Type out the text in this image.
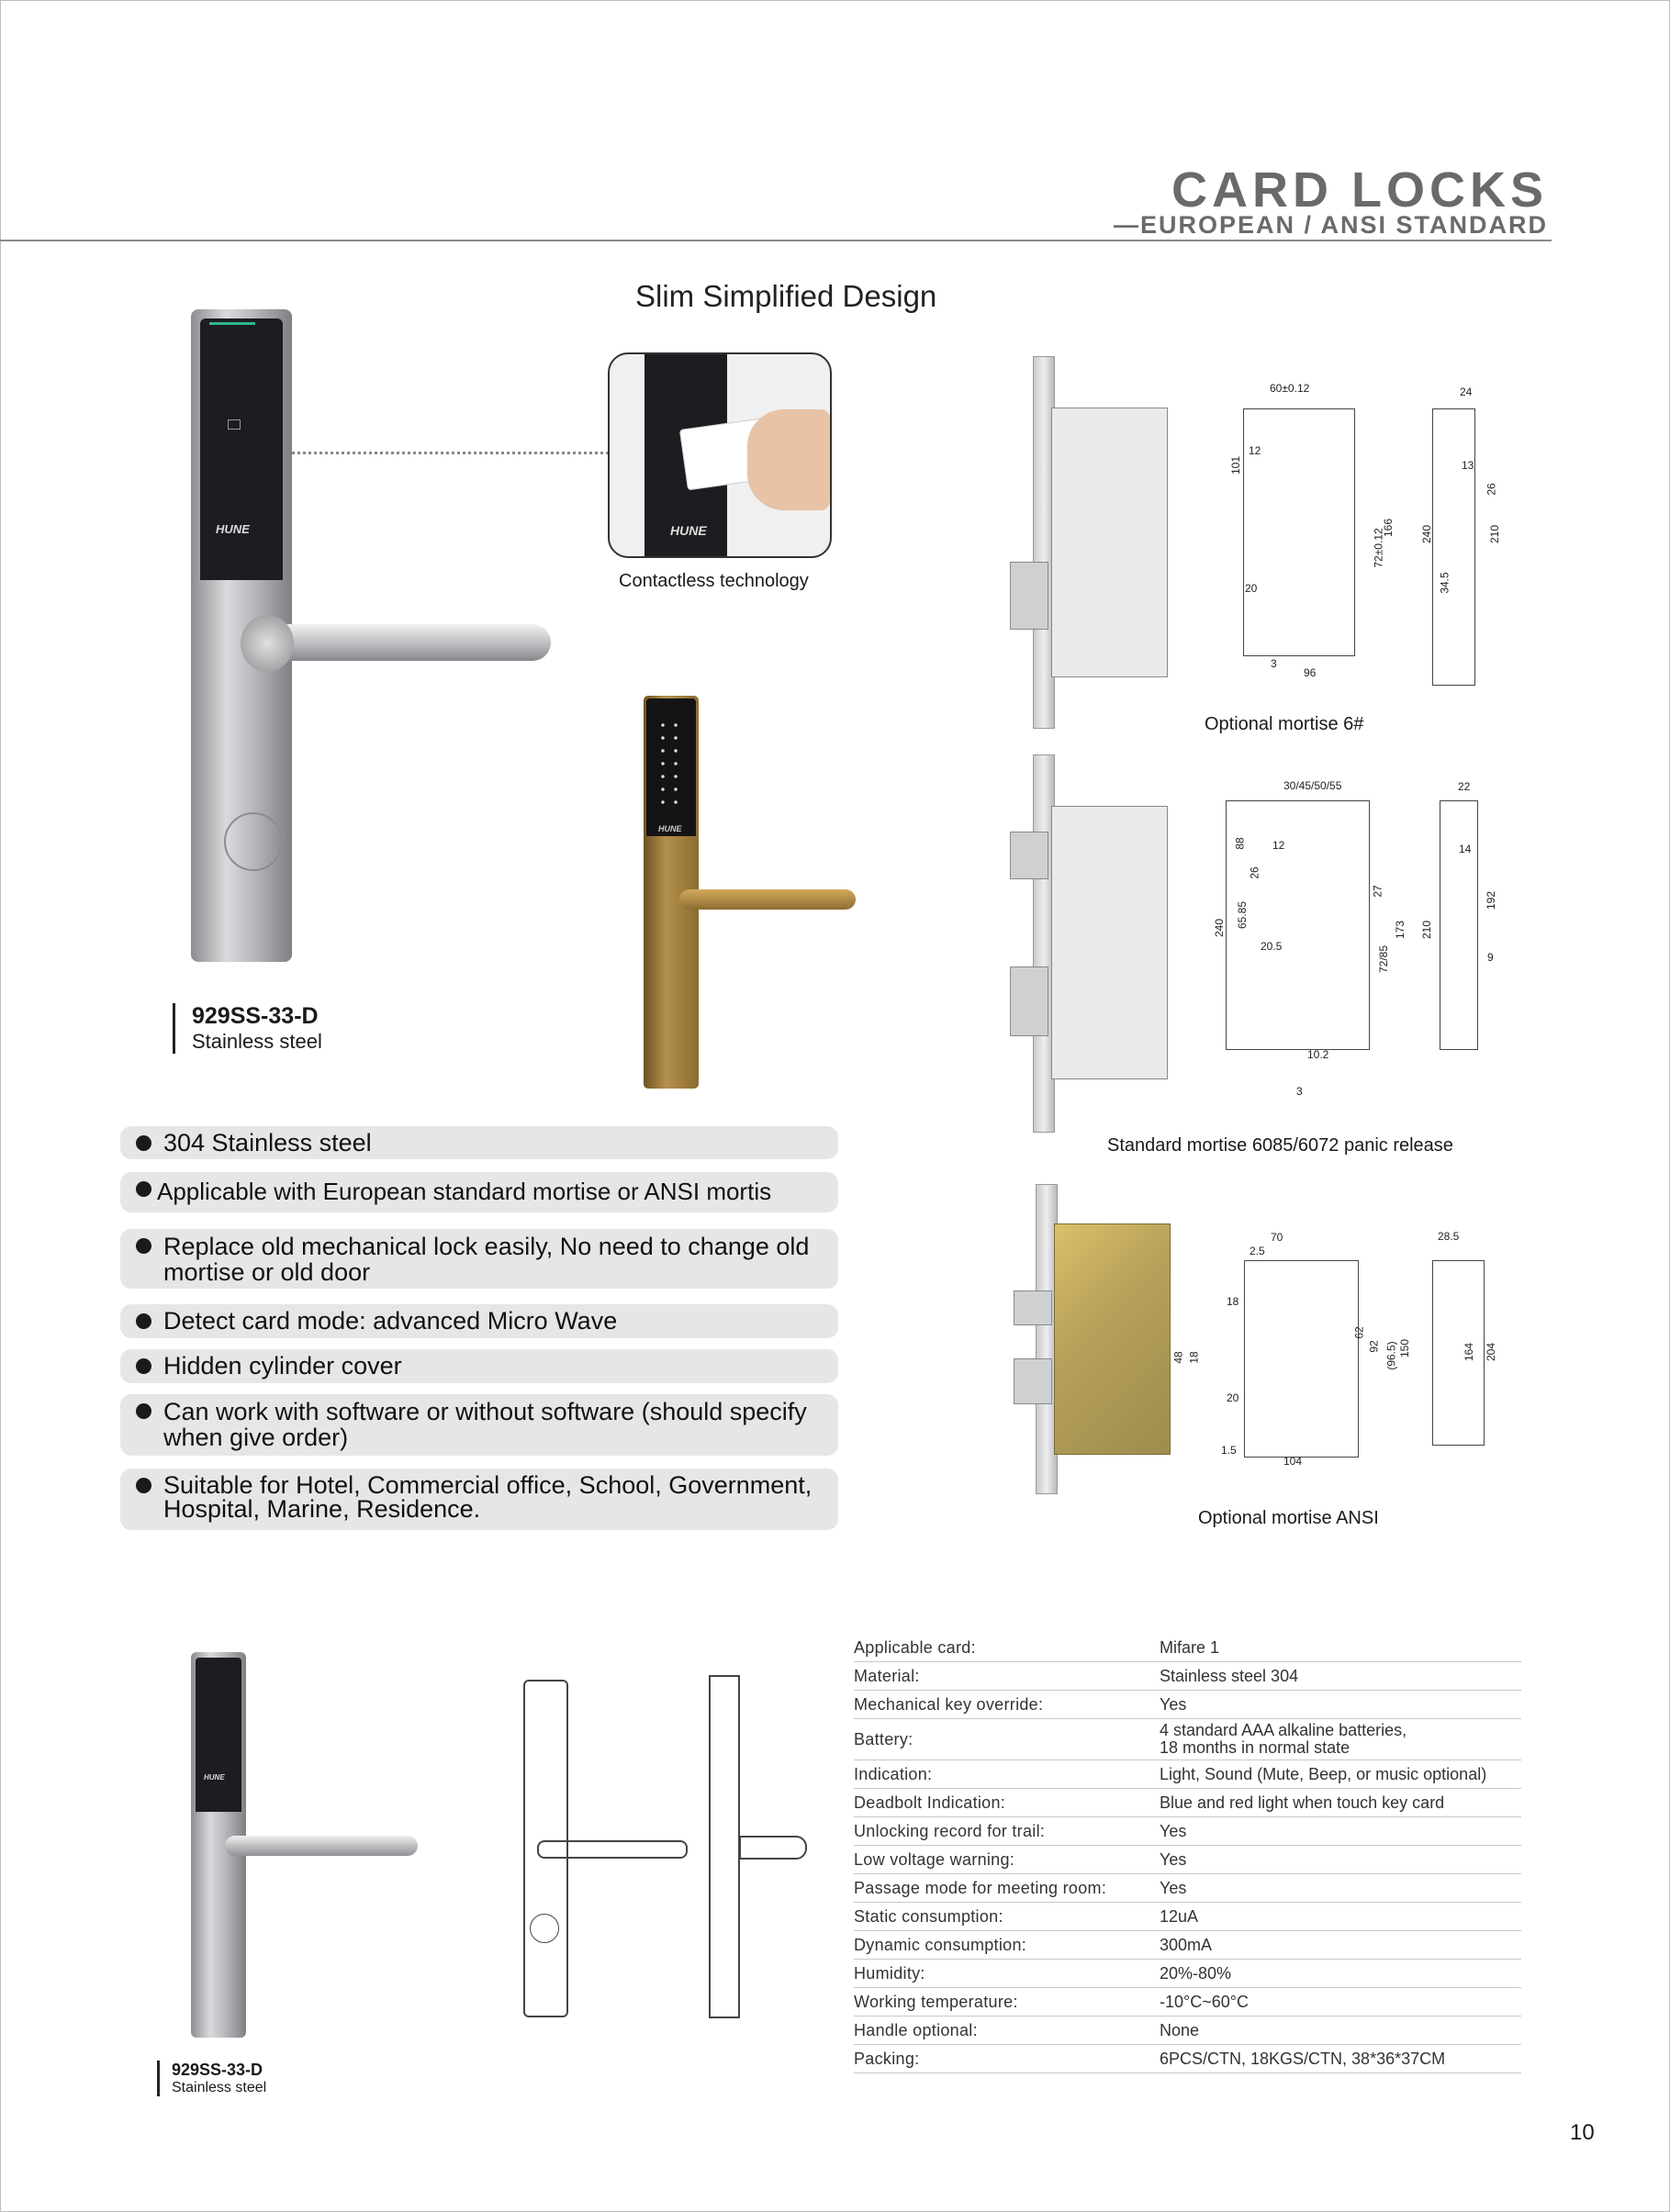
CARD LOCKS
—EUROPEAN / ANSI STANDARD
Slim Simplified Design
HUNE	HUNE
Contactless technology
HUNE
929SS-33-D
Stainless steel
304 Stainless steel
Applicable with European standard mortise or ANSI mortis
Replace old mechanical lock easily, No need to change old mortise or old door
Detect card mode: advanced Micro Wave
Hidden cylinder cover
Can work with software or without software (should specify when give order)
Suitable for Hotel, Commercial office, School, Government, Hospital, Marine, Residence.
60±0.12	24
101
12
13
26
166
72±0.12	240	210
34.5
20
3
96
Optional mortise 6#
30/45/50/55	22
88 12	14
26
192
65.85
27
240
20.5	72/85
173 210
9
10.2
3
Standard mortise 6085/6072 panic release
70	28.5
2.5
18
62
92 (96.5) 150
48 18	164 204
20
1.5
104
Optional mortise ANSI
HUNE
929SS-33-D
Stainless steel
Applicable card:	Mifare 1
Material:	Stainless steel 304
Mechanical key override:	Yes
Battery:	4 standard AAA alkaline batteries,
18 months in normal state
Indication:	Light, Sound (Mute, Beep, or music optional)
Deadbolt Indication:	Blue and red light when touch key card
Unlocking record for trail:	Yes
Low voltage warning:	Yes
Passage mode for meeting room:	Yes
Static consumption:	12uA
Dynamic consumption:	300mA
Humidity:	20%-80%
Working temperature:	-10°C~60°C
Handle optional:	None
Packing:	6PCS/CTN, 18KGS/CTN, 38*36*37CM
10
